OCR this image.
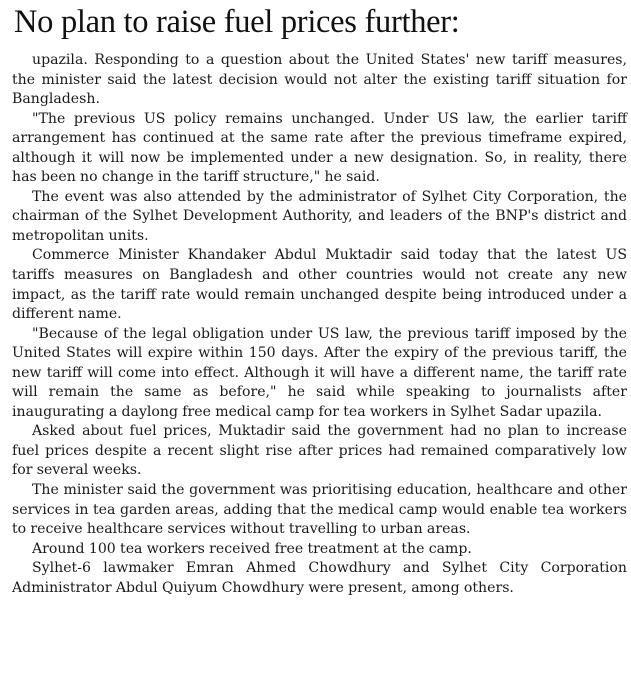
No plan to raise fuel prices further:

upazila. Responding to a question about the United States' new tariff measures, the minister said the latest decision would not alter the existing tariff situation for Bangladesh.

"The previous US policy remains unchanged. Under US law, the earlier tariff arrangement has continued at the same rate after the previous timeframe expired, although it will now be implemented under a new designation. So, in reality, there has been no change in the tariff structure," he said.

The event was also attended by the administrator of Sylhet City Corporation, the chairman of the Sylhet Development Authority, and leaders of the BNP's district and metropolitan units.

Commerce Minister Khandaker Abdul Muktadir said today that the latest US tariffs measures on Bangladesh and other countries would not create any new impact, as the tariff rate would remain unchanged despite being introduced under a different name.

"Because of the legal obligation under US law, the previous tariff imposed by the United States will expire within 150 days. After the expiry of the previous tariff, the new tariff will come into effect. Although it will have a different name, the tariff rate will remain the same as before," he said while speaking to journalists after inaugurating a daylong free medical camp for tea workers in Sylhet Sadar upazila.

Asked about fuel prices, Muktadir said the government had no plan to increase fuel prices despite a recent slight rise after prices had remained comparatively low for several weeks.

The minister said the government was prioritising education, healthcare and other services in tea garden areas, adding that the medical camp would enable tea workers to receive healthcare services without travelling to urban areas.

Around 100 tea workers received free treatment at the camp.

Sylhet-6 lawmaker Emran Ahmed Chowdhury and Sylhet City Corporation Administrator Abdul Quiyum Chowdhury were present, among others.
